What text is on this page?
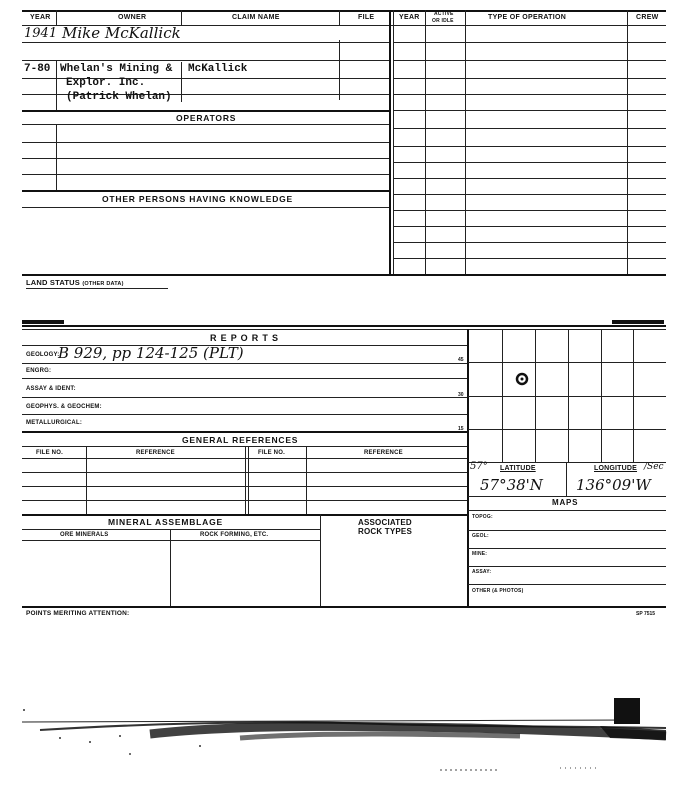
YEAR	OWNER	CLAIM NAME	FILE	YEAR	ACTIVE
OR IDLE	TYPE OF OPERATION	CREW
1941 Mike McKallick
7-80 Whelan's Mining &
Explor. Inc.
(Patrick Whelan)
McKallick
OPERATORS
OTHER PERSONS HAVING KNOWLEDGE
LAND STATUS (OTHER DATA)
R E P O R T S
GEOLOGY:
B 929, pp 124-125 (PLT)	45
ENGRG:
ASSAY & IDENT:
30
GEOPHYS. & GEOCHEM:
METALLURGICAL:
15
GENERAL REFERENCES
FILE NO.	REFERENCE	FILE NO.	REFERENCE
MINERAL ASSEMBLAGE	ASSOCIATED
ROCK TYPES
ORE MINERALS	ROCK FORMING, ETC.
POINTS MERITING ATTENTION:	SP 7515
57° LATITUDE	LONGITUDE /Sec
57°38'N 136°09'W
MAPS
TOPOG:
GEOL:
MINE:
ASSAY:
OTHER (& PHOTOS)
